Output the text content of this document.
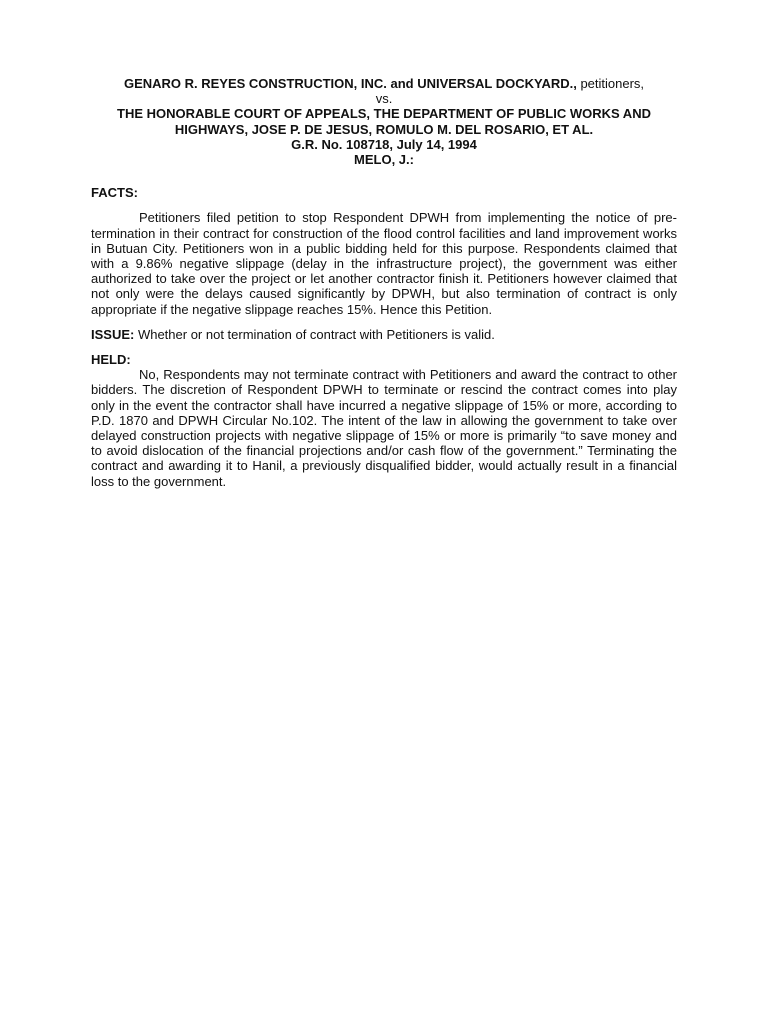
GENARO R. REYES CONSTRUCTION, INC. and UNIVERSAL DOCKYARD., petitioners,

vs.

THE HONORABLE COURT OF APPEALS, THE DEPARTMENT OF PUBLIC WORKS AND HIGHWAYS, JOSE P. DE JESUS, ROMULO M. DEL ROSARIO, ET AL.

G.R. No. 108718, July 14, 1994

MELO, J.:

FACTS:

Petitioners filed petition to stop Respondent DPWH from implementing the notice of pre-termination in their contract for construction of the flood control facilities and land improvement works in Butuan City. Petitioners won in a public bidding held for this purpose. Respondents claimed that with a 9.86% negative slippage (delay in the infrastructure project), the government was either authorized to take over the project or let another contractor finish it. Petitioners however claimed that not only were the delays caused significantly by DPWH, but also termination of contract is only appropriate if the negative slippage reaches 15%. Hence this Petition.

ISSUE: Whether or not termination of contract with Petitioners is valid.

HELD:

No, Respondents may not terminate contract with Petitioners and award the contract to other bidders. The discretion of Respondent DPWH to terminate or rescind the contract comes into play only in the event the contractor shall have incurred a negative slippage of 15% or more, according to P.D. 1870 and DPWH Circular No.102. The intent of the law in allowing the government to take over delayed construction projects with negative slippage of 15% or more is primarily “to save money and to avoid dislocation of the financial projections and/or cash flow of the government.” Terminating the contract and awarding it to Hanil, a previously disqualified bidder, would actually result in a financial loss to the government.
